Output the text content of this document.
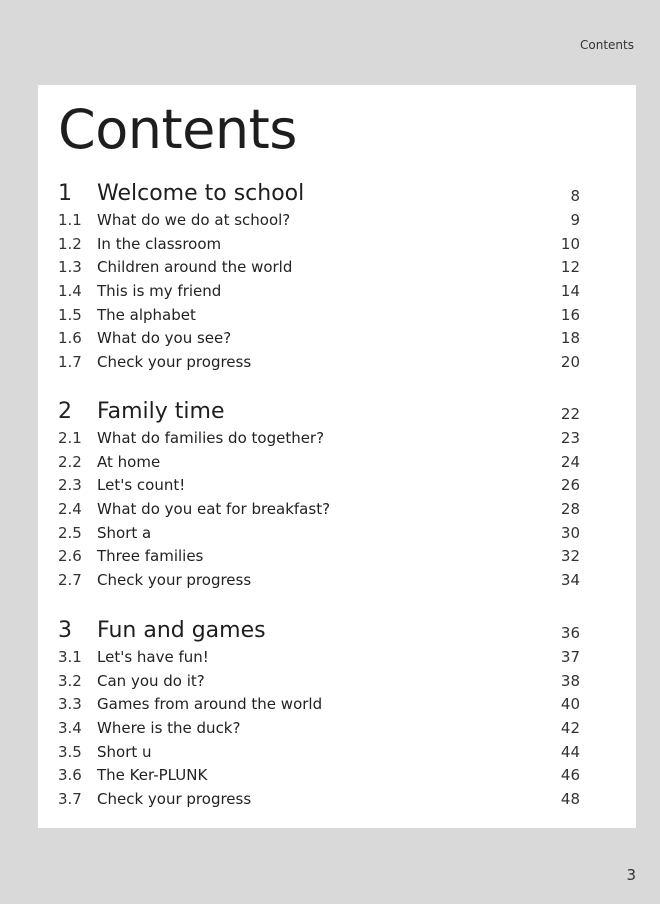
Contents
Contents
1 Welcome to school	8
1.1 What do we do at school?	9
1.2 In the classroom	10
1.3 Children around the world	12
1.4 This is my friend	14
1.5 The alphabet	16
1.6 What do you see?	18
1.7 Check your progress	20
2 Family time	22
2.1 What do families do together?	23
2.2 At home	24
2.3 Let's count!	26
2.4 What do you eat for breakfast?	28
2.5 Short a	30
2.6 Three families	32
2.7 Check your progress	34
3 Fun and games	36
3.1 Let's have fun!	37
3.2 Can you do it?	38
3.3 Games from around the world	40
3.4 Where is the duck?	42
3.5 Short u	44
3.6 The Ker-PLUNK	46
3.7 Check your progress	48
3
